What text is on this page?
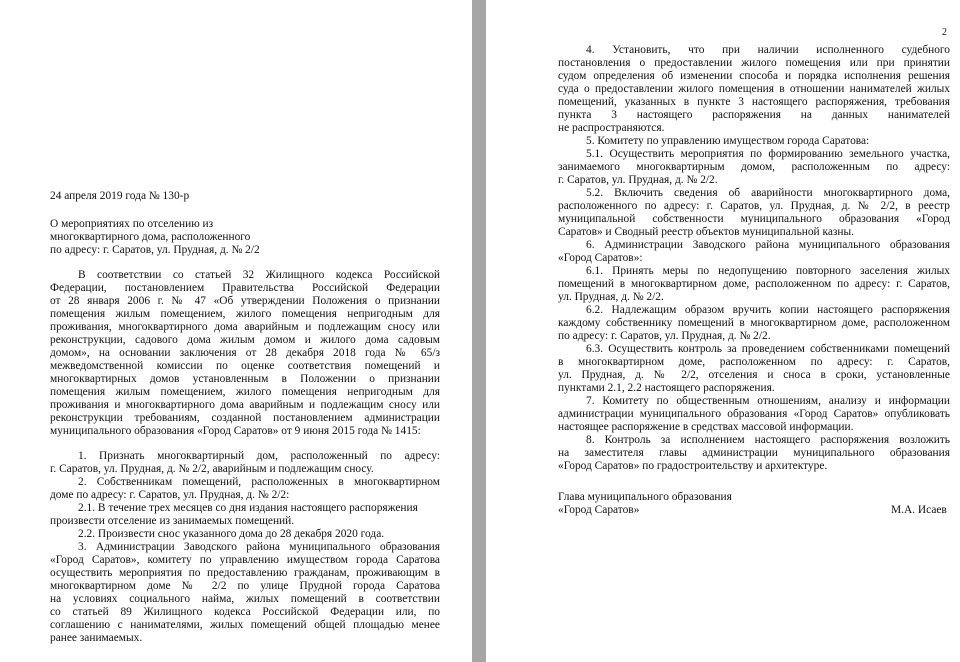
24 апреля 2019 года № 130-р

О мероприятиях по отселению из

многоквартирного дома, расположенного

по адресу: г. Саратов, ул. Прудная, д. № 2/2

В соответствии со статьей 32 Жилищного кодекса Российской

Федерации, постановлением Правительства Российской Федерации

от 28 января 2006 г. № 47 «Об утверждении Положения о признании

помещения жилым помещением, жилого помещения непригодным для

проживания, многоквартирного дома аварийным и подлежащим сносу или

реконструкции, садового дома жилым домом и жилого дома садовым

домом», на основании заключения от 28 декабря 2018 года № 65/з

межведомственной комиссии по оценке соответствия помещений и

многоквартирных домов установленным в Положении о признании

помещения жилым помещением, жилого помещения непригодным для

проживания и многоквартирного дома аварийным и подлежащим сносу или

реконструкции требованиям, созданной постановлением администрации

муниципального образования «Город Саратов» от 9 июня 2015 года № 1415:

1. Признать многоквартирный дом, расположенный по адресу:

г. Саратов, ул. Прудная, д. № 2/2, аварийным и подлежащим сносу.

2. Собственникам помещений, расположенных в многоквартирном

доме по адресу: г. Саратов, ул. Прудная, д. № 2/2:

2.1. В течение трех месяцев со дня издания настоящего распоряжения

произвести отселение из занимаемых помещений.

2.2. Произвести снос указанного дома до 28 декабря 2020 года.

3. Администрации Заводского района муниципального образования

«Город Саратов», комитету по управлению имуществом города Саратова

осуществить мероприятия по предоставлению гражданам, проживающим в

многоквартирном доме № 2/2 по улице Прудной города Саратова

на условиях социального найма, жилых помещений в соответствии

со статьей 89 Жилищного кодекса Российской Федерации или, по

соглашению с нанимателями, жилых помещений общей площадью менее

ранее занимаемых.

2

4. Установить, что при наличии исполненного судебного

постановления о предоставлении жилого помещения или при принятии

судом определения об изменении способа и порядка исполнения решения

суда о предоставлении жилого помещения в отношении нанимателей жилых

помещений, указанных в пункте 3 настоящего распоряжения, требования

пункта 3 настоящего распоряжения на данных нанимателей

не распространяются.

5. Комитету по управлению имуществом города Саратова:

5.1. Осуществить мероприятия по формированию земельного участка,

занимаемого многоквартирным домом, расположенным по адресу:

г. Саратов, ул. Прудная, д. № 2/2.

5.2. Включить сведения об аварийности многоквартирного дома,

расположенного по адресу: г. Саратов, ул. Прудная, д. № 2/2, в реестр

муниципальной собственности муниципального образования «Город

Саратов» и Сводный реестр объектов муниципальной казны.

6. Администрации Заводского района муниципального образования

«Город Саратов»:

6.1. Принять меры по недопущению повторного заселения жилых

помещений в многоквартирном доме, расположенном по адресу: г. Саратов,

ул. Прудная, д. № 2/2.

6.2. Надлежащим образом вручить копии настоящего распоряжения

каждому собственнику помещений в многоквартирном доме, расположенном

по адресу: г. Саратов, ул. Прудная, д. № 2/2.

6.3. Осуществить контроль за проведением собственниками помещений

в многоквартирном доме, расположенном по адресу: г. Саратов,

ул. Прудная, д. № 2/2, отселения и сноса в сроки, установленные

пунктами 2.1, 2.2 настоящего распоряжения.

7. Комитету по общественным отношениям, анализу и информации

администрации муниципального образования «Город Саратов» опубликовать

настоящее распоряжение в средствах массовой информации.

8. Контроль за исполнением настоящего распоряжения возложить

на заместителя главы администрации муниципального образования

«Город Саратов» по градостроительству и архитектуре.

Глава муниципального образования

«Город Саратов»	М.А. Исаев
